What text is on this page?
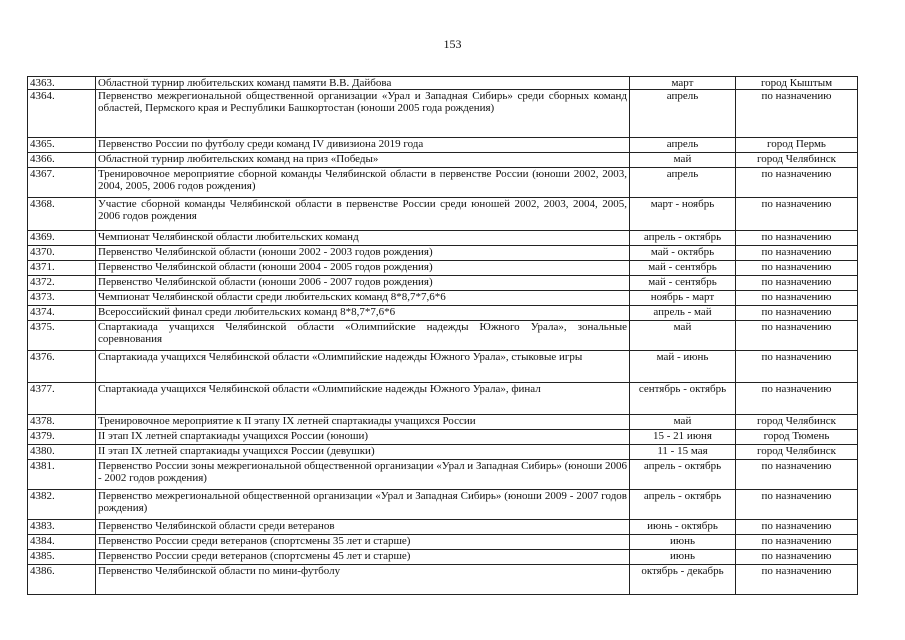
153
4363.	Областной турнир любительских команд памяти В.В. Дайбова	март	город Кыштым
4364.	Первенство межрегиональной общественной организации «Урал и Западная Сибирь» среди сборных команд областей, Пермского края и Республики Башкортостан (юноши 2005 года рождения)	апрель	по назначению
4365.	Первенство России по футболу среди команд IV дивизиона 2019 года	апрель	город Пермь
4366.	Областной турнир любительских команд на приз «Победы»	май	город Челябинск
4367.	Тренировочное мероприятие сборной команды Челябинской области в первенстве России (юноши 2002, 2003, 2004, 2005, 2006 годов рождения)	апрель	по назначению
4368.	Участие сборной команды Челябинской области в первенстве России среди юношей 2002, 2003, 2004, 2005, 2006 годов рождения	март - ноябрь	по назначению
4369.	Чемпионат Челябинской области любительских команд	апрель - октябрь	по назначению
4370.	Первенство Челябинской области (юноши 2002 - 2003 годов рождения)	май - октябрь	по назначению
4371.	Первенство Челябинской области (юноши 2004 - 2005 годов рождения)	май - сентябрь	по назначению
4372.	Первенство Челябинской области (юноши 2006 - 2007 годов рождения)	май - сентябрь	по назначению
4373.	Чемпионат Челябинской области среди любительских команд 8*8,7*7,6*6	ноябрь - март	по назначению
4374.	Всероссийский финал среди любительских команд 8*8,7*7,6*6	апрель - май	по назначению
4375.	Спартакиада учащихся Челябинской области «Олимпийские надежды Южного Урала», зональные соревнования	май	по назначению
4376.	Спартакиада учащихся Челябинской области «Олимпийские надежды Южного Урала», стыковые игры	май - июнь	по назначению
4377.	Спартакиада учащихся Челябинской области «Олимпийские надежды Южного Урала», финал	сентябрь - октябрь	по назначению
4378.	Тренировочное мероприятие к II этапу IX летней спартакиады учащихся России	май	город Челябинск
4379.	II этап IX летней спартакиады учащихся России (юноши)	15 - 21 июня	город Тюмень
4380.	II этап IX летней спартакиады учащихся России (девушки)	11 - 15 мая	город Челябинск
4381.	Первенство России зоны межрегиональной общественной организации «Урал и Западная Сибирь» (юноши 2006 - 2002 годов рождения)	апрель - октябрь	по назначению
4382.	Первенство межрегиональной общественной организации «Урал и Западная Сибирь» (юноши 2009 - 2007 годов рождения)	апрель - октябрь	по назначению
4383.	Первенство Челябинской области среди ветеранов	июнь - октябрь	по назначению
4384.	Первенство России среди ветеранов (спортсмены 35 лет и старше)	июнь	по назначению
4385.	Первенство России среди ветеранов (спортсмены 45 лет и старше)	июнь	по назначению
4386.	Первенство Челябинской области по мини-футболу	октябрь - декабрь	по назначению
